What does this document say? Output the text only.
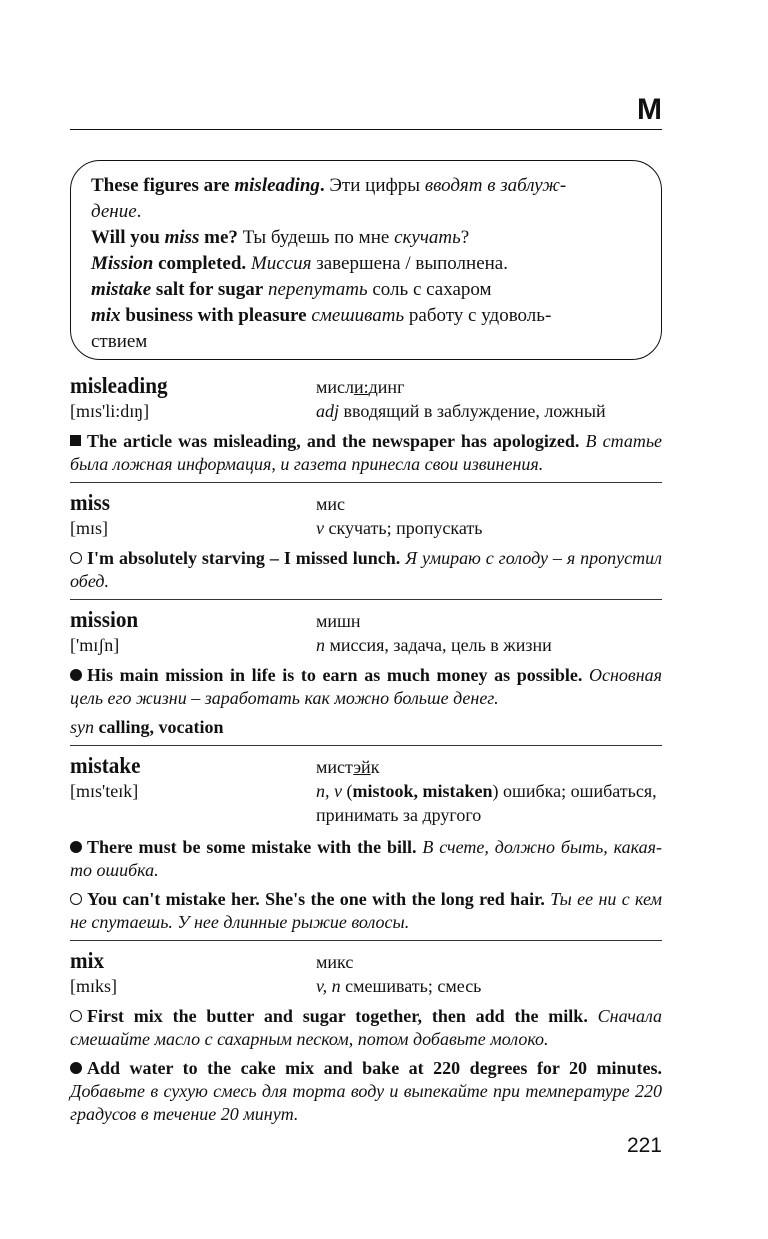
M
These figures are misleading. Эти цифры вводят в заблуж-
дение.
Will you miss me? Ты будешь по мне скучать?
Mission completed. Миссия завершена / выполнена.
mistake salt for sugar перепутать соль с сахаром
mix business with pleasure смешивать работу с удоволь-
ствием
misleading
[mɪs'li:dɪŋ]
мисли:динг
adj вводящий в заблуждение, ложный
The article was misleading, and the newspaper has apologized. В статье была ложная информация, и газета принесла свои извинения.
miss
[mɪs]
мис
v скучать; пропускать
I'm absolutely starving – I missed lunch. Я умираю с голоду – я пропустил обед.
mission
['mɪʃn]
мишн
n миссия, задача, цель в жизни
His main mission in life is to earn as much money as possible. Основная цель его жизни – заработать как можно больше денег.
syn calling, vocation
mistake
[mɪs'teɪk]
мистэйк
n, v (mistook, mistaken) ошибка; ошибаться, принимать за другого
There must be some mistake with the bill. В счете, должно быть, какая-то ошибка.
You can't mistake her. She's the one with the long red hair. Ты ее ни с кем не спутаешь. У нее длинные рыжие волосы.
mix
[mɪks]
микс
v, n смешивать; смесь
First mix the butter and sugar together, then add the milk. Сначала смешайте масло с сахарным песком, потом добавьте молоко.
Add water to the cake mix and bake at 220 degrees for 20 minutes. Добавьте в сухую смесь для торта воду и выпекайте при температуре 220 градусов в течение 20 минут.
221
